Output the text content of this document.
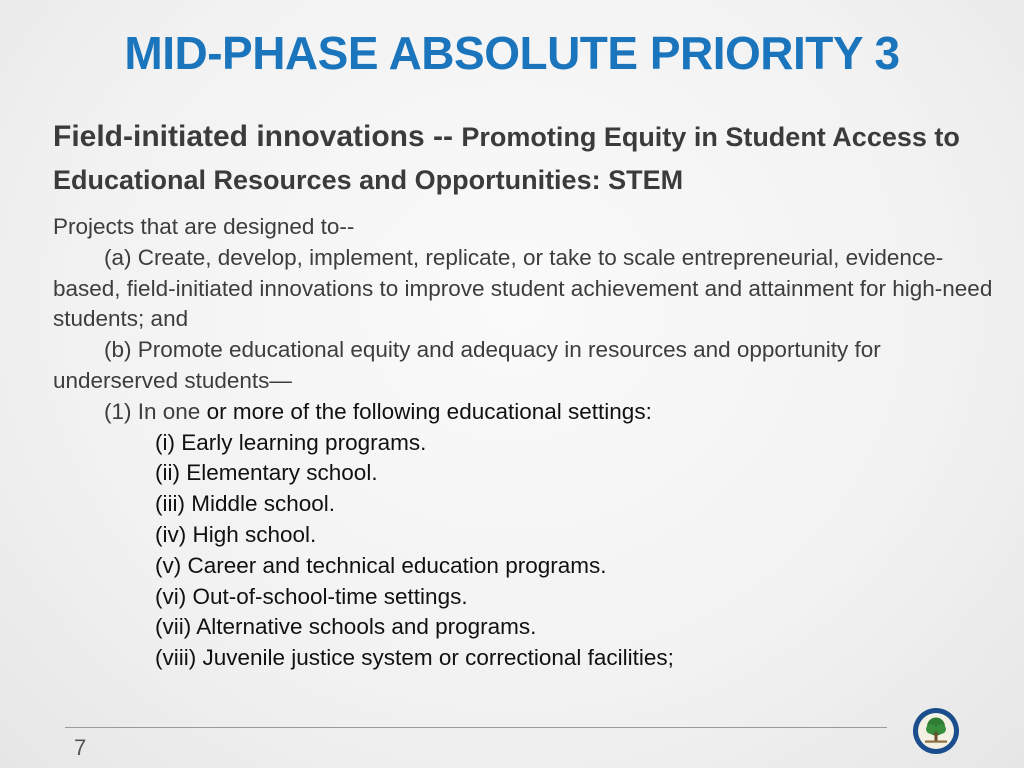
MID-PHASE ABSOLUTE PRIORITY 3
Field-initiated innovations -- Promoting Equity in Student Access to Educational Resources and Opportunities: STEM

Projects that are designed to--

(a) Create, develop, implement, replicate, or take to scale entrepreneurial, evidence-based, field-initiated innovations to improve student achievement and attainment for high-need students; and

(b) Promote educational equity and adequacy in resources and opportunity for underserved students—

(1) In one or more of the following educational settings:

(i) Early learning programs.

(ii) Elementary school.

(iii) Middle school.

(iv) High school.

(v) Career and technical education programs.

(vi) Out-of-school-time settings.

(vii) Alternative schools and programs.

(viii) Juvenile justice system or correctional facilities;

7
